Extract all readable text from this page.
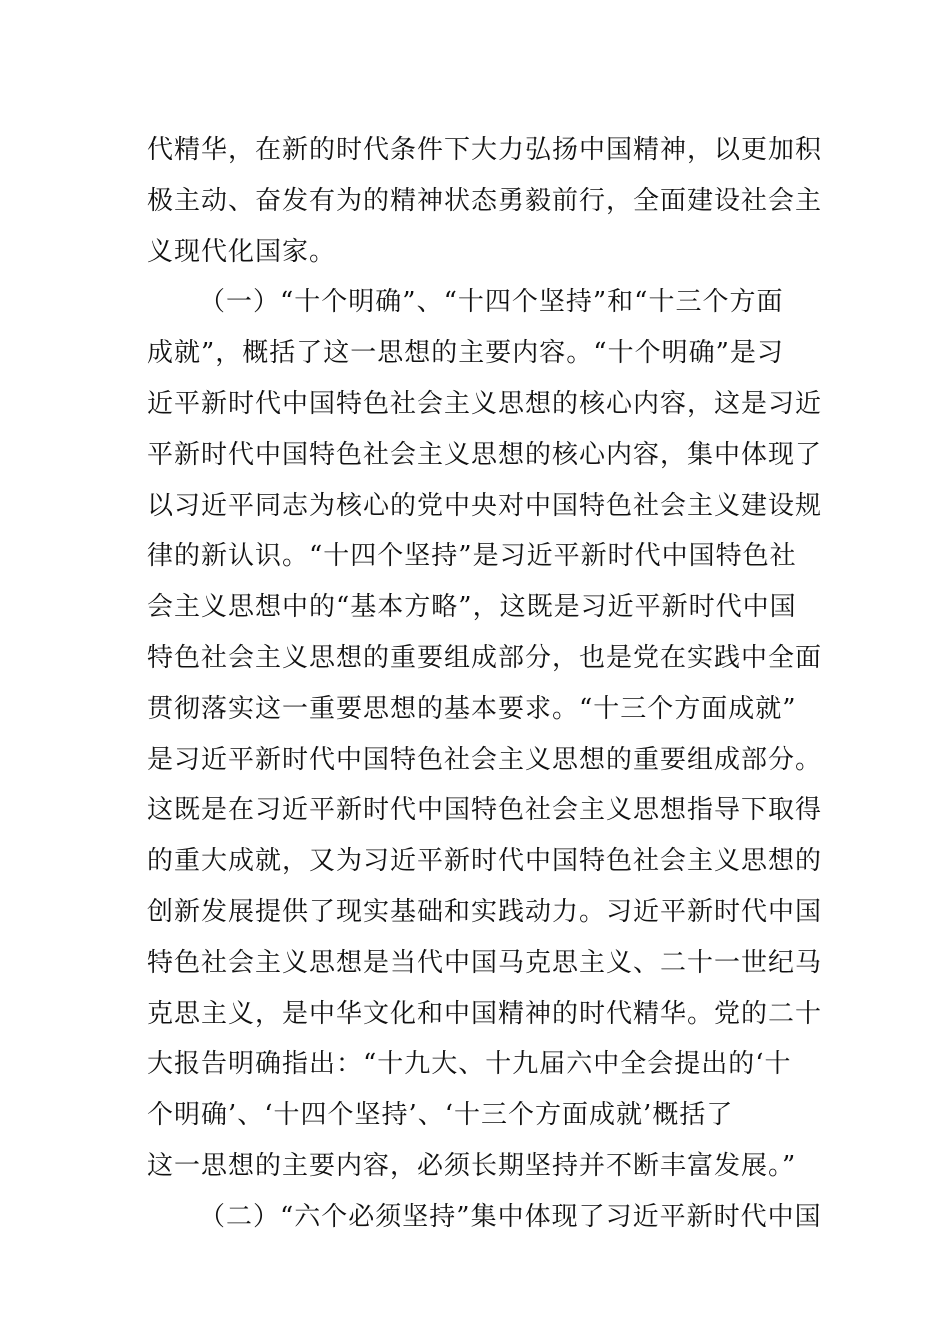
代精华，在新的时代条件下大力弘扬中国精神，以更加积
极主动、奋发有为的精神状态勇毅前行，全面建设社会主
义现代化国家。
（一）“十个明确”、“十四个坚持”和“十三个方面
成就”，概括了这一思想的主要内容。“十个明确”是习
近平新时代中国特色社会主义思想的核心内容，这是习近
平新时代中国特色社会主义思想的核心内容，集中体现了
以习近平同志为核心的党中央对中国特色社会主义建设规
律的新认识。“十四个坚持”是习近平新时代中国特色社
会主义思想中的“基本方略”，这既是习近平新时代中国
特色社会主义思想的重要组成部分，也是党在实践中全面
贯彻落实这一重要思想的基本要求。“十三个方面成就”
是习近平新时代中国特色社会主义思想的重要组成部分。
这既是在习近平新时代中国特色社会主义思想指导下取得
的重大成就，又为习近平新时代中国特色社会主义思想的
创新发展提供了现实基础和实践动力。习近平新时代中国
特色社会主义思想是当代中国马克思主义、二十一世纪马
克思主义，是中华文化和中国精神的时代精华。党的二十
大报告明确指出：“十九大、十九届六中全会提出的‘十
个明确’、‘十四个坚持’、‘十三个方面成就’概括了
这一思想的主要内容，必须长期坚持并不断丰富发展。”
（二）“六个必须坚持”集中体现了习近平新时代中国
